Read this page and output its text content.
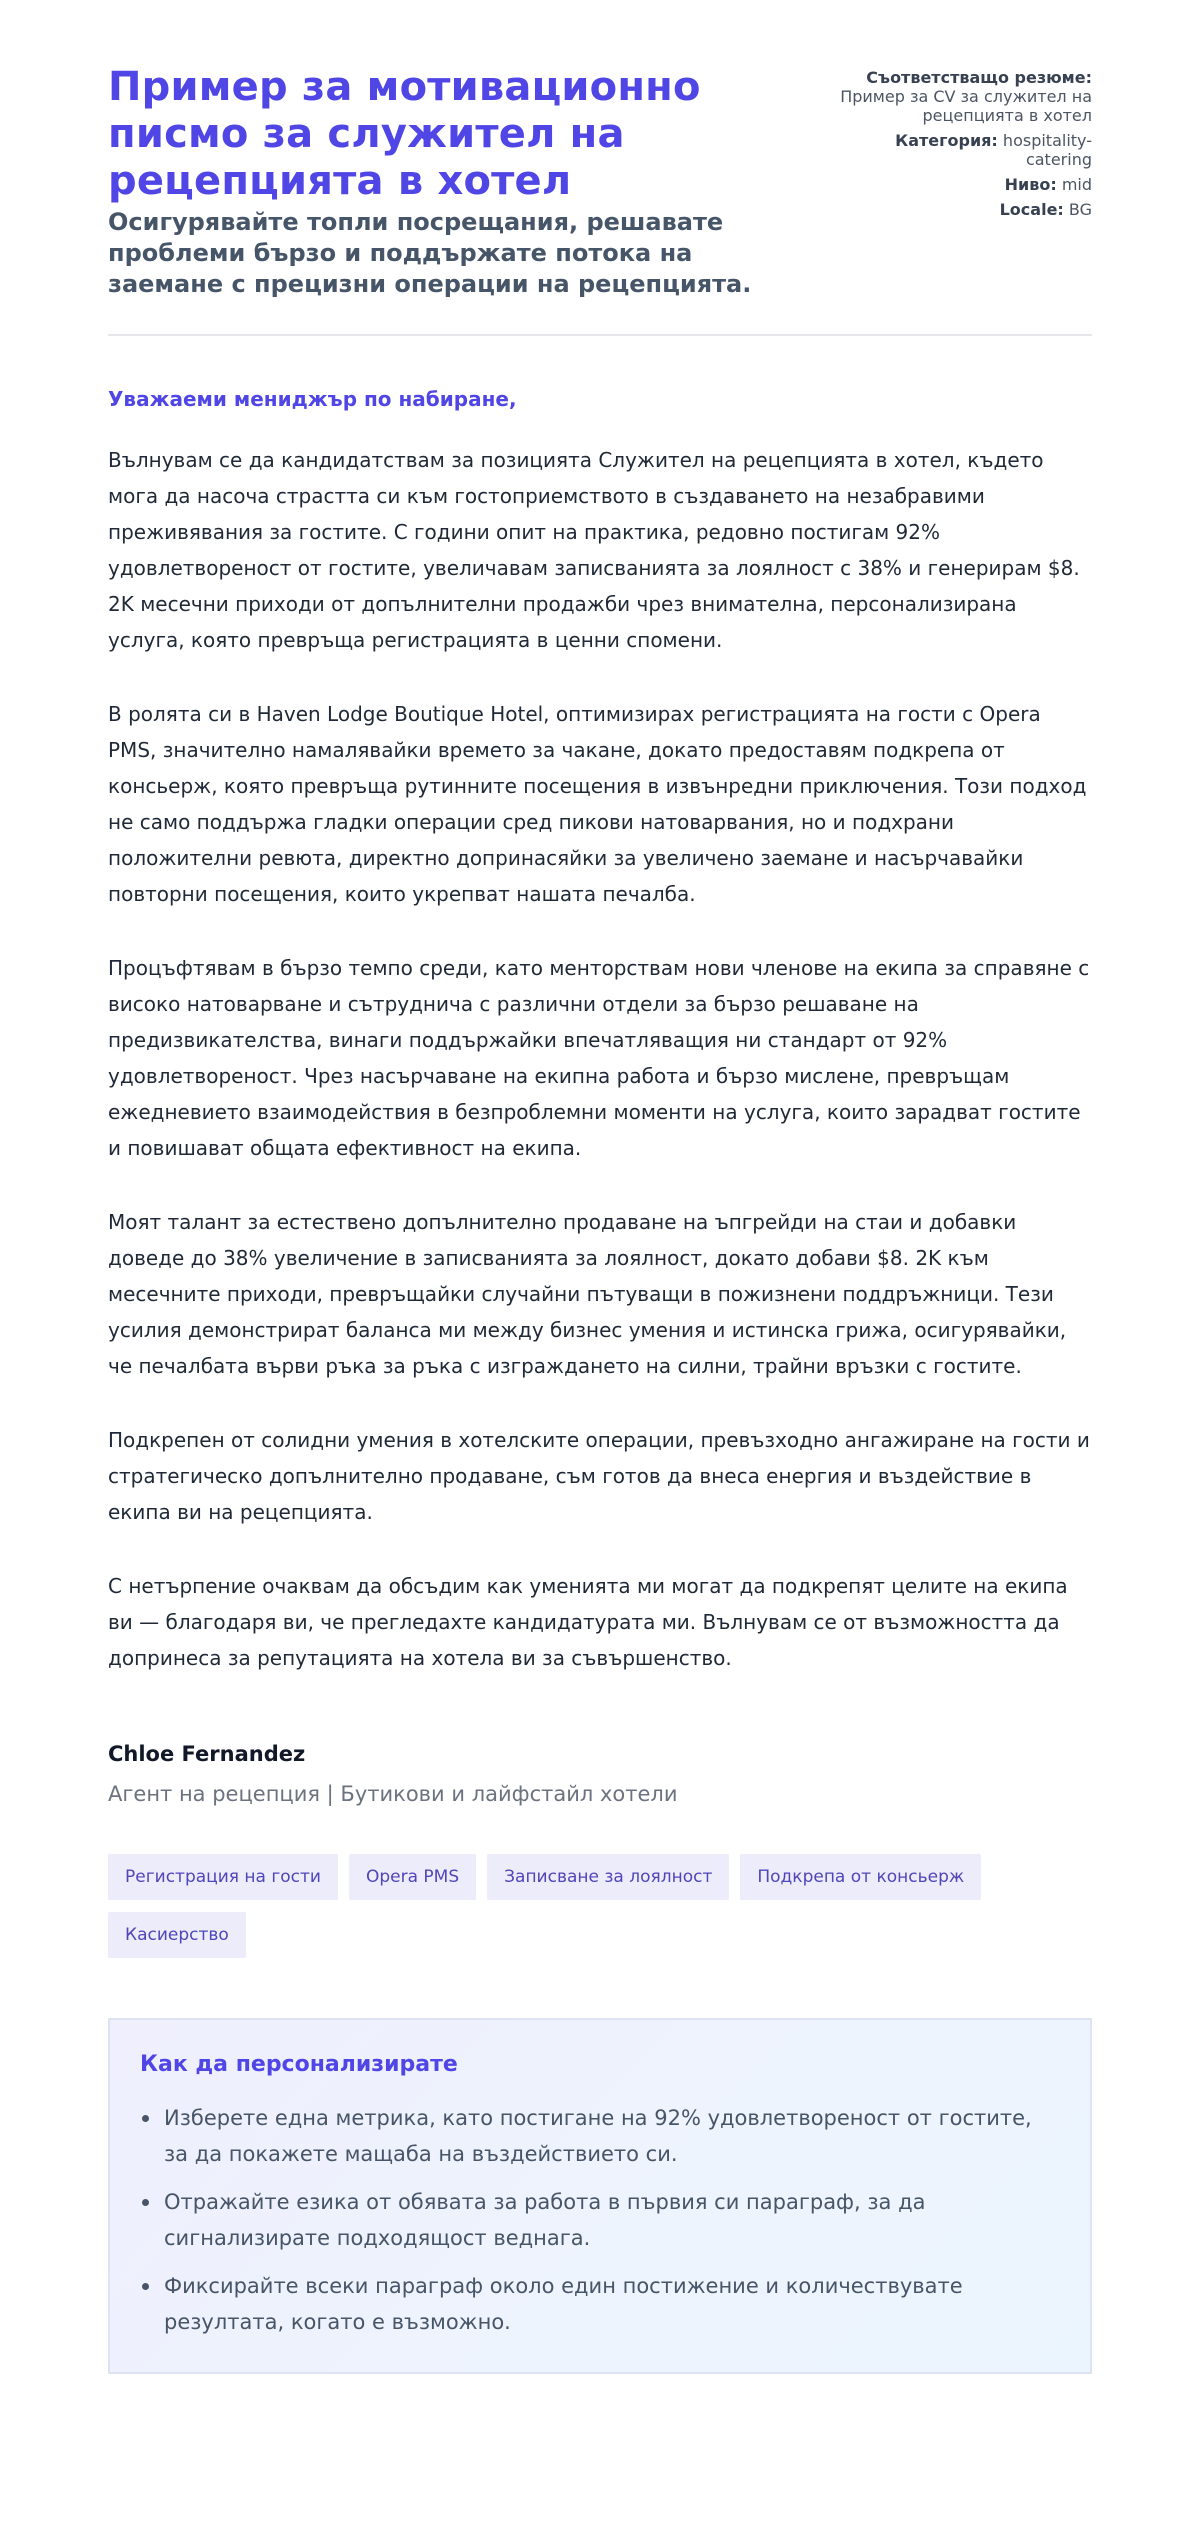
Пример за мотивационно писмо за служител на рецепцията в хотел
Осигурявайте топли посрещания, решавате проблеми бързо и поддържате потока на заемане с прецизни операции на рецепцията.
Съответстващо резюме:
Пример за CV за служител на рецепцията в хотел
Категория: hospitality-catering
Ниво: mid
Locale: BG

Уважаеми мениджър по набиране,

Вълнувам се да кандидатствам за позицията Служител на рецепцията в хотел, където мога да насоча страстта си към гостоприемството в създаването на незабравими преживявания за гостите. С години опит на практика, редовно постигам 92% удовлетвореност от гостите, увеличавам записванията за лоялност с 38% и генерирам $8. 2K месечни приходи от допълнителни продажби чрез внимателна, персонализирана услуга, която превръща регистрацията в ценни спомени.

В ролята си в Haven Lodge Boutique Hotel, оптимизирах регистрацията на гости с Opera PMS, значително намалявайки времето за чакане, докато предоставям подкрепа от консьерж, която превръща рутинните посещения в извънредни приключения. Този подход не само поддържа гладки операции сред пикови натоварвания, но и подхрани положителни ревюта, директно допринасяйки за увеличено заемане и насърчавайки повторни посещения, които укрепват нашата печалба.

Процъфтявам в бързо темпо среди, като менторствам нови членове на екипа за справяне с високо натоварване и сътруднича с различни отдели за бързо решаване на предизвикателства, винаги поддържайки впечатляващия ни стандарт от 92% удовлетвореност. Чрез насърчаване на екипна работа и бързо мислене, превръщам ежедневието взаимодействия в безпроблемни моменти на услуга, които зарадват гостите и повишават общата ефективност на екипа.

Моят талант за естествено допълнително продаване на ъпгрейди на стаи и добавки доведе до 38% увеличение в записванията за лоялност, докато добави $8. 2K към месечните приходи, превръщайки случайни пътуващи в пожизнени поддръжници. Тези усилия демонстрират баланса ми между бизнес умения и истинска грижа, осигурявайки, че печалбата върви ръка за ръка с изграждането на силни, трайни връзки с гостите.

Подкрепен от солидни умения в хотелските операции, превъзходно ангажиране на гости и стратегическо допълнително продаване, съм готов да внеса енергия и въздействие в екипа ви на рецепцията.

С нетърпение очаквам да обсъдим как уменията ми могат да подкрепят целите на екипа ви — благодаря ви, че прегледахте кандидатурата ми. Вълнувам се от възможността да допринеса за репутацията на хотела ви за съвършенство.

Chloe Fernandez
Агент на рецепция | Бутикови и лайфстайл хотели
Регистрация на гости	Opera PMS	Записване за лоялност	Подкрепа от консьерж
Касиерство
Как да персонализирате
Изберете една метрика, като постигане на 92% удовлетвореност от гостите, за да покажете мащаба на въздействието си.
Отражайте езика от обявата за работа в първия си параграф, за да сигнализирате подходящост веднага.
Фиксирайте всеки параграф около един постижение и количествувате резултата, когато е възможно.
